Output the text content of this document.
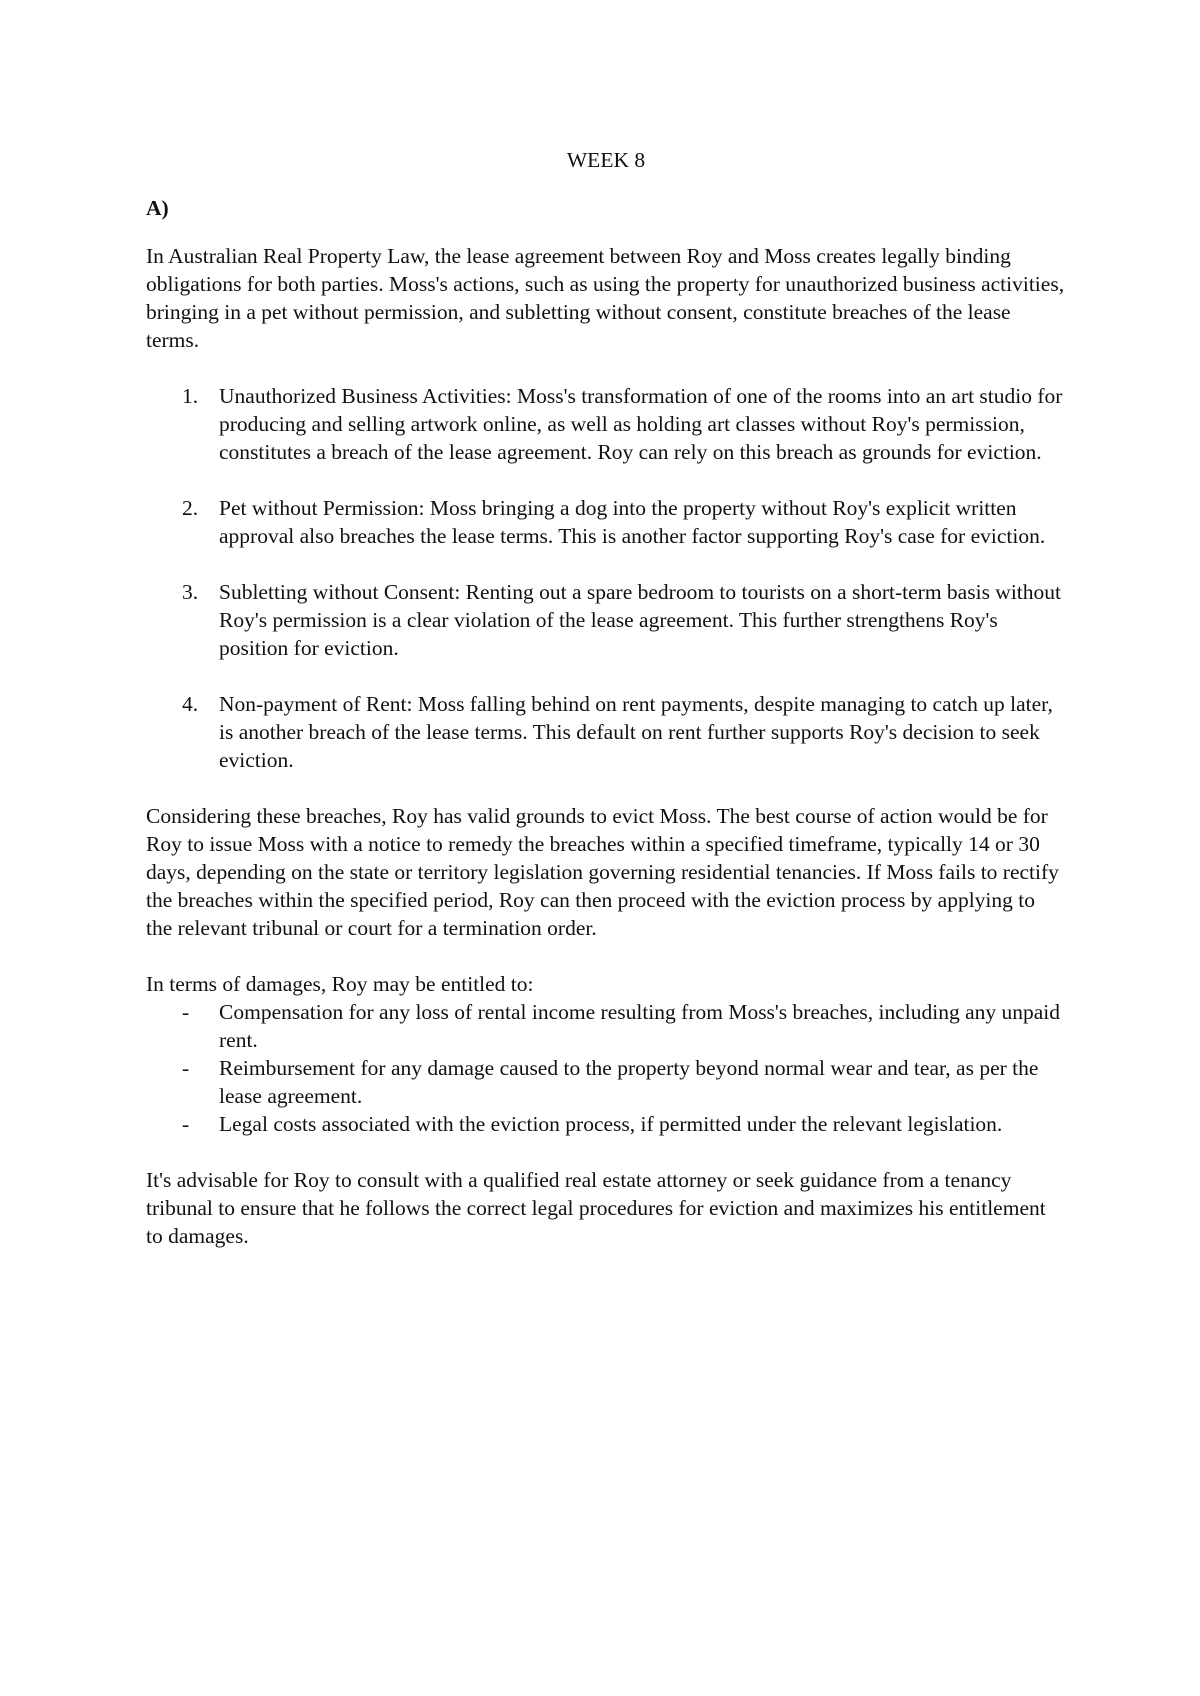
WEEK 8
A)

In Australian Real Property Law, the lease agreement between Roy and Moss creates legally binding obligations for both parties. Moss's actions, such as using the property for unauthorized business activities, bringing in a pet without permission, and subletting without consent, constitute breaches of the lease terms.

1. Unauthorized Business Activities: Moss's transformation of one of the rooms into an art studio for producing and selling artwork online, as well as holding art classes without Roy's permission, constitutes a breach of the lease agreement. Roy can rely on this breach as grounds for eviction.
2. Pet without Permission: Moss bringing a dog into the property without Roy's explicit written approval also breaches the lease terms. This is another factor supporting Roy's case for eviction.
3. Subletting without Consent: Renting out a spare bedroom to tourists on a short-term basis without Roy's permission is a clear violation of the lease agreement. This further strengthens Roy's position for eviction.
4. Non-payment of Rent: Moss falling behind on rent payments, despite managing to catch up later, is another breach of the lease terms. This default on rent further supports Roy's decision to seek eviction.

Considering these breaches, Roy has valid grounds to evict Moss. The best course of action would be for Roy to issue Moss with a notice to remedy the breaches within a specified timeframe, typically 14 or 30 days, depending on the state or territory legislation governing residential tenancies. If Moss fails to rectify the breaches within the specified period, Roy can then proceed with the eviction process by applying to the relevant tribunal or court for a termination order.

In terms of damages, Roy may be entitled to:

- Compensation for any loss of rental income resulting from Moss's breaches, including any unpaid rent.
- Reimbursement for any damage caused to the property beyond normal wear and tear, as per the lease agreement.
- Legal costs associated with the eviction process, if permitted under the relevant legislation.

It's advisable for Roy to consult with a qualified real estate attorney or seek guidance from a tenancy tribunal to ensure that he follows the correct legal procedures for eviction and maximizes his entitlement to damages.
